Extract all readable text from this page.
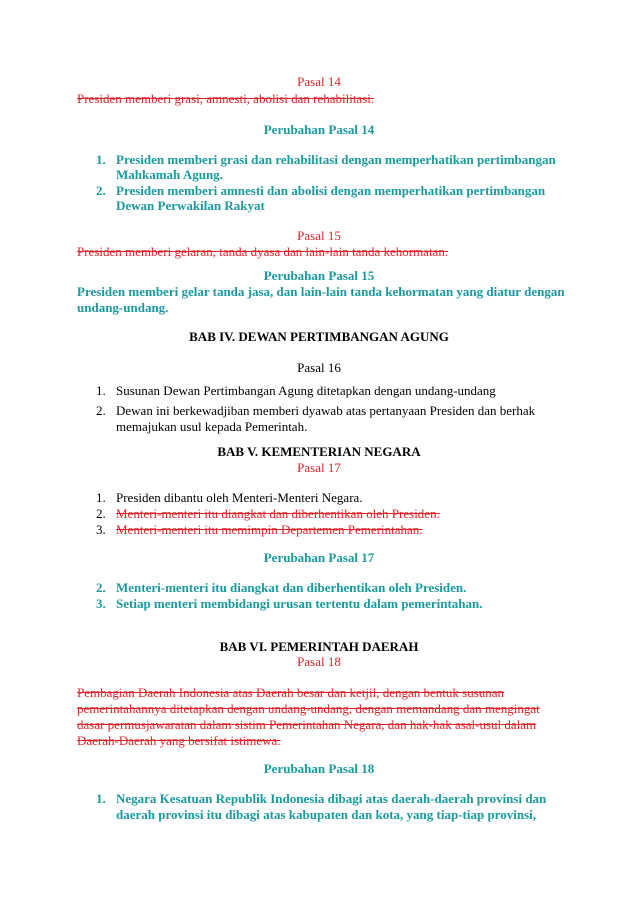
Pasal 14
Presiden memberi grasi, amnesti, abolisi dan rehabilitasi.
Perubahan Pasal 14
1. Presiden memberi grasi dan rehabilitasi dengan memperhatikan pertimbangan
Mahkamah Agung.
2. Presiden memberi amnesti dan abolisi dengan memperhatikan pertimbangan
Dewan Perwakilan Rakyat
Pasal 15
Presiden memberi gelaran, tanda dyasa dan lain-lain tanda kehormatan.
Perubahan Pasal 15
Presiden memberi gelar tanda jasa, dan lain-lain tanda kehormatan yang diatur dengan
undang-undang.
BAB IV. DEWAN PERTIMBANGAN AGUNG
Pasal 16
1. Susunan Dewan Pertimbangan Agung ditetapkan dengan undang-undang
2. Dewan ini berkewadjiban memberi dyawab atas pertanyaan Presiden dan berhak
memajukan usul kepada Pemerintah.
BAB V. KEMENTERIAN NEGARA
Pasal 17
1. Presiden dibantu oleh Menteri-Menteri Negara.
2. Menteri-menteri itu diangkat dan diberhentikan oleh Presiden.
3. Menteri-menteri itu memimpin Departemen Pemerintahan.
Perubahan Pasal 17
2. Menteri-menteri itu diangkat dan diberhentikan oleh Presiden.
3. Setiap menteri membidangi urusan tertentu dalam pemerintahan.
BAB VI. PEMERINTAH DAERAH
Pasal 18
Pembagian Daerah Indonesia atas Daerah besar dan ketjil, dengan bentuk susunan
pemerintahannya ditetapkan dengan undang-undang, dengan memandang dan mengingat
dasar permusjawaratan dalam sistim Pemerintahan Negara, dan hak-hak asal-usul dalam
Daerah-Daerah yang bersifat istimewa.
Perubahan Pasal 18
1. Negara Kesatuan Republik Indonesia dibagi atas daerah-daerah provinsi dan
daerah provinsi itu dibagi atas kabupaten dan kota, yang tiap-tiap provinsi,
